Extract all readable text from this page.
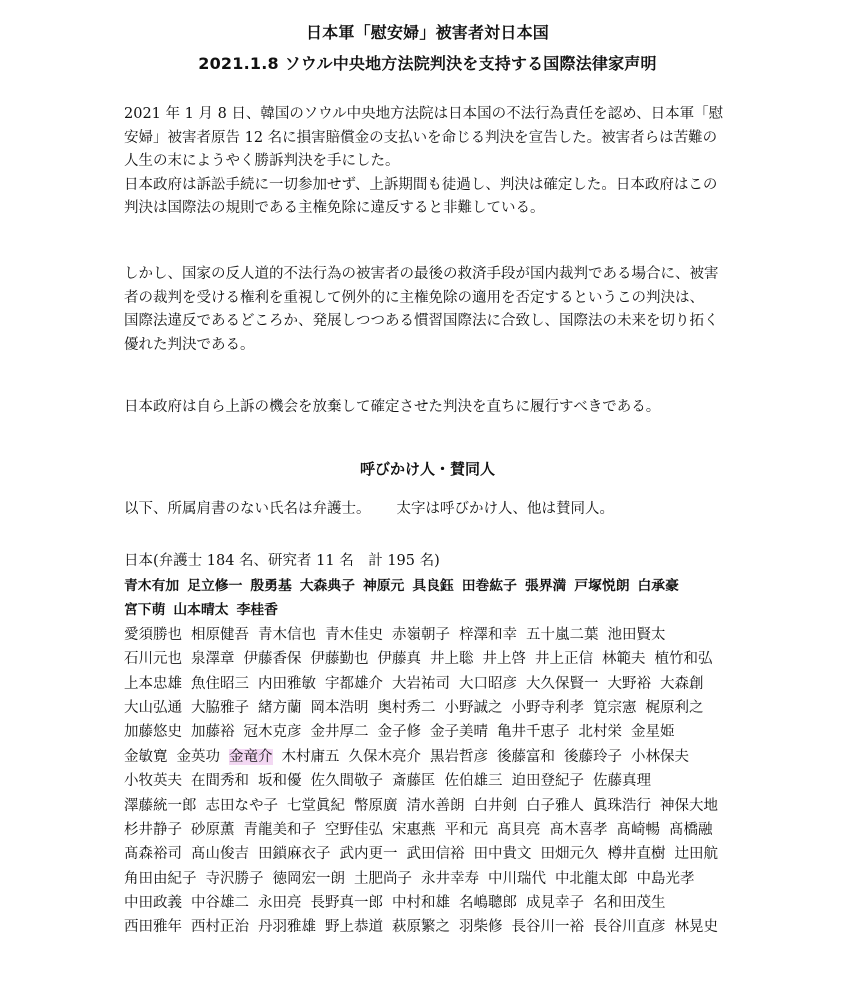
日本軍「慰安婦」被害者対日本国
2021.1.8 ソウル中央地方法院判決を支持する国際法律家声明
2021 年 1 月 8 日、韓国のソウル中央地方法院は日本国の不法行為責任を認め、日本軍「慰
安婦」被害者原告 12 名に損害賠償金の支払いを命じる判決を宣告した。被害者らは苦難の
人生の末にようやく勝訴判決を手にした。
日本政府は訴訟手続に一切参加せず、上訴期間も徒過し、判決は確定した。日本政府はこの
判決は国際法の規則である主権免除に違反すると非難している。
しかし、国家の反人道的不法行為の被害者の最後の救済手段が国内裁判である場合に、被害
者の裁判を受ける権利を重視して例外的に主権免除の適用を否定するというこの判決は、
国際法違反であるどころか、発展しつつある慣習国際法に合致し、国際法の未来を切り拓く
優れた判決である。
日本政府は自ら上訴の機会を放棄して確定させた判決を直ちに履行すべきである。
呼びかけ人・賛同人
以下、所属肩書のない氏名は弁護士。 太字は呼びかけ人、他は賛同人。
日本(弁護士 184 名、研究者 11 名　計 195 名)
青木有加 足立修一 殷勇基 大森典子 神原元 具良鈺 田巻紘子 張界満 戸塚悦朗 白承豪
宮下萌 山本晴太 李桂香
愛須勝也 相原健吾 青木信也 青木佳史 赤嶺朝子 梓澤和幸 五十嵐二葉 池田賢太
石川元也 泉澤章 伊藤香保 伊藤勤也 伊藤真 井上聡 井上啓 井上正信 林範夫 植竹和弘
上本忠雄 魚住昭三 内田雅敏 宇都雄介 大岩祐司 大口昭彦 大久保賢一 大野裕 大森創
大山弘通 大脇雅子 緒方蘭 岡本浩明 奥村秀二 小野誠之 小野寺利孝 筧宗憲 梶原利之
加藤悠史 加藤裕 冠木克彦 金井厚二 金子修 金子美晴 亀井千恵子 北村栄 金星姫
金敏寛 金英功 金竜介 木村庸五 久保木亮介 黒岩哲彦 後藤富和 後藤玲子 小林保夫
小牧英夫 在間秀和 坂和優 佐久間敬子 斎藤匡 佐伯雄三 迫田登紀子 佐藤真理
澤藤統一郎 志田なや子 七堂眞紀 幣原廣 清水善朗 白井剣 白子雅人 眞珠浩行 神保大地
杉井静子 砂原薫 青龍美和子 空野佳弘 宋惠燕 平和元 髙貝亮 髙木喜孝 髙崎暢 髙橋融
髙森裕司 髙山俊吉 田鎖麻衣子 武内更一 武田信裕 田中貴文 田畑元久 樽井直樹 辻田航
角田由紀子 寺沢勝子 徳岡宏一朗 土肥尚子 永井幸寿 中川瑞代 中北龍太郎 中島光孝
中田政義 中谷雄二 永田亮 長野真一郎 中村和雄 名嶋聰郎 成見幸子 名和田茂生
西田雅年 西村正治 丹羽雅雄 野上恭道 萩原繁之 羽柴修 長谷川一裕 長谷川直彦 林晃史
